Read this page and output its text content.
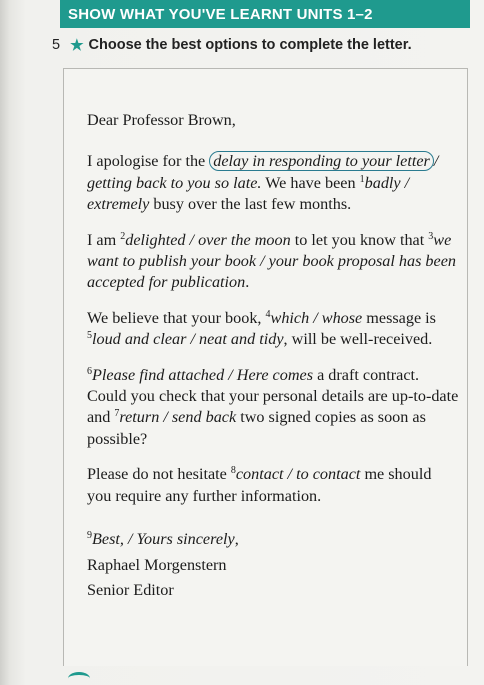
SHOW WHAT YOU'VE LEARNT UNITS 1–2
5 ★ Choose the best options to complete the letter.

Dear Professor Brown,

I apologise for the delay in responding to your letter / getting back to you so late. We have been $^1$badly / extremely busy over the last few months.

I am $^2$delighted / over the moon to let you know that $^3$we want to publish your book / your book proposal has been accepted for publication.

We believe that your book, $^4$which / whose message is $^5$loud and clear / neat and tidy, will be well-received.

$^6$Please find attached / Here comes a draft contract. Could you check that your personal details are up-to-date and $^7$return / send back two signed copies as soon as possible?

Please do not hesitate $^8$contact / to contact me should you require any further information.

$^9$Best, / Yours sincerely,
Raphael Morgenstern
Senior Editor
